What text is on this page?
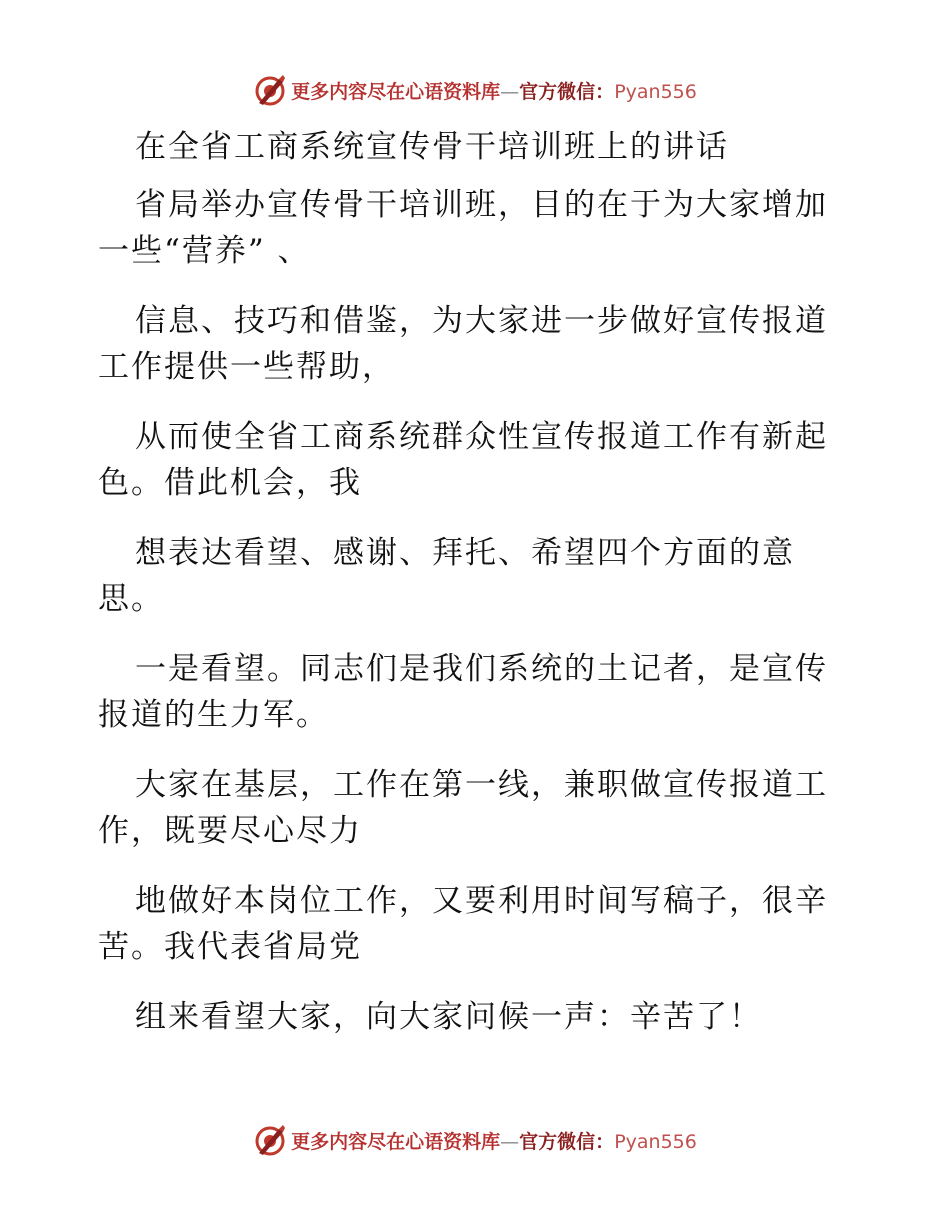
更多内容尽在心语资料库—官方微信：Pyan556
在全省工商系统宣传骨干培训班上的讲话
省局举办宣传骨干培训班，目的在于为大家增加
一些“营养” 、
信息、技巧和借鉴，为大家进一步做好宣传报道
工作提供一些帮助，
从而使全省工商系统群众性宣传报道工作有新起
色。借此机会，我
想表达看望、感谢、拜托、希望四个方面的意
思。
一是看望。同志们是我们系统的土记者，是宣传
报道的生力军。
大家在基层，工作在第一线，兼职做宣传报道工
作，既要尽心尽力
地做好本岗位工作，又要利用时间写稿子，很辛
苦。我代表省局党
组来看望大家，向大家问候一声：辛苦了！
更多内容尽在心语资料库—官方微信：Pyan556
